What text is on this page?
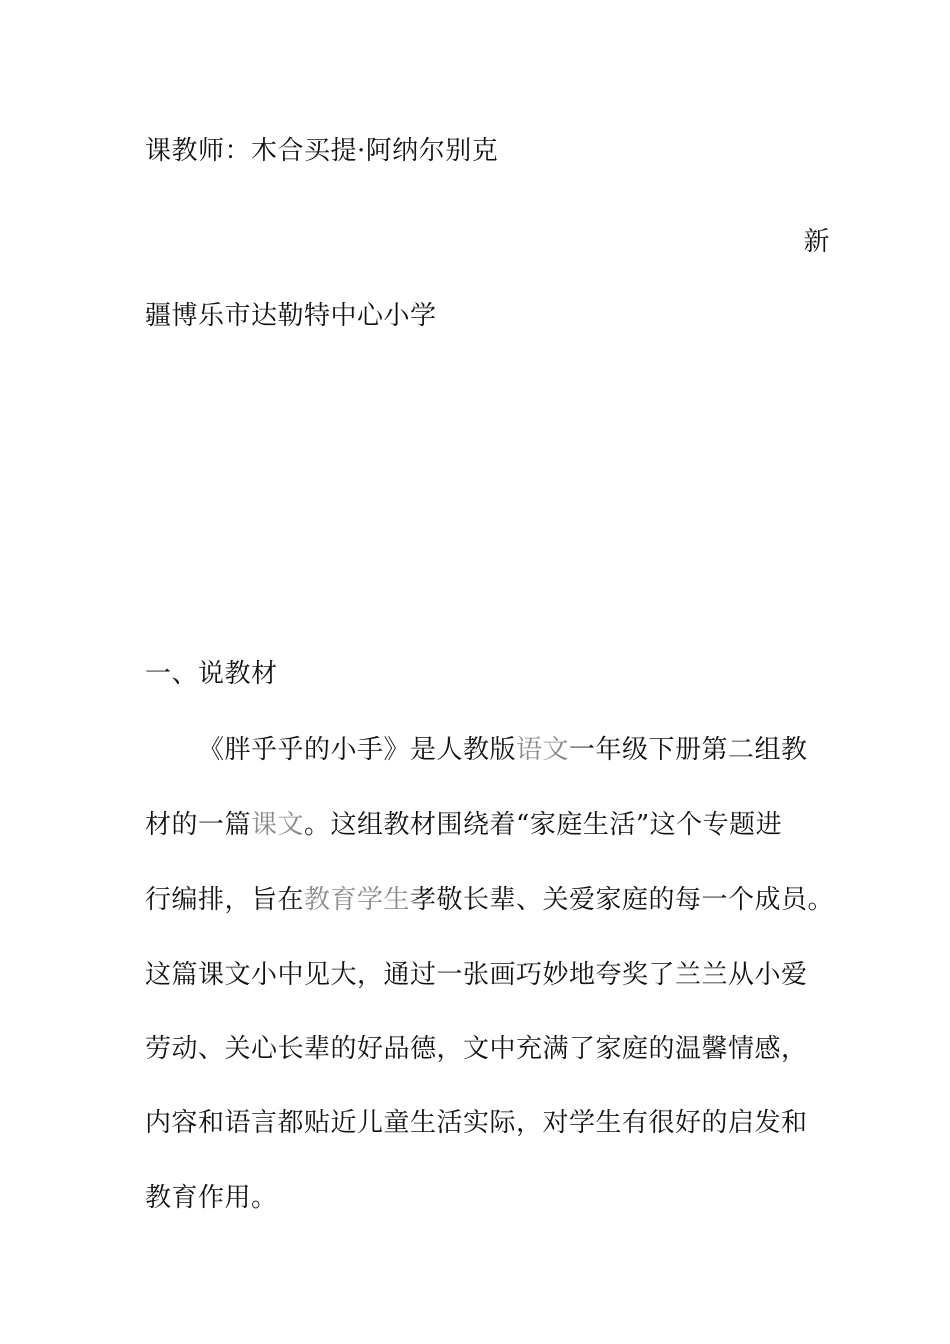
课教师：木合买提·阿纳尔别克
新
疆博乐市达勒特中心小学
一、说教材
《胖乎乎的小手》是人教版语文一年级下册第二组教
材的一篇课文。这组教材围绕着“家庭生活”这个专题进
行编排，旨在教育学生孝敬长辈、关爱家庭的每一个成员。
这篇课文小中见大，通过一张画巧妙地夸奖了兰兰从小爱
劳动、关心长辈的好品德，文中充满了家庭的温馨情感，
内容和语言都贴近儿童生活实际，对学生有很好的启发和
教育作用。
